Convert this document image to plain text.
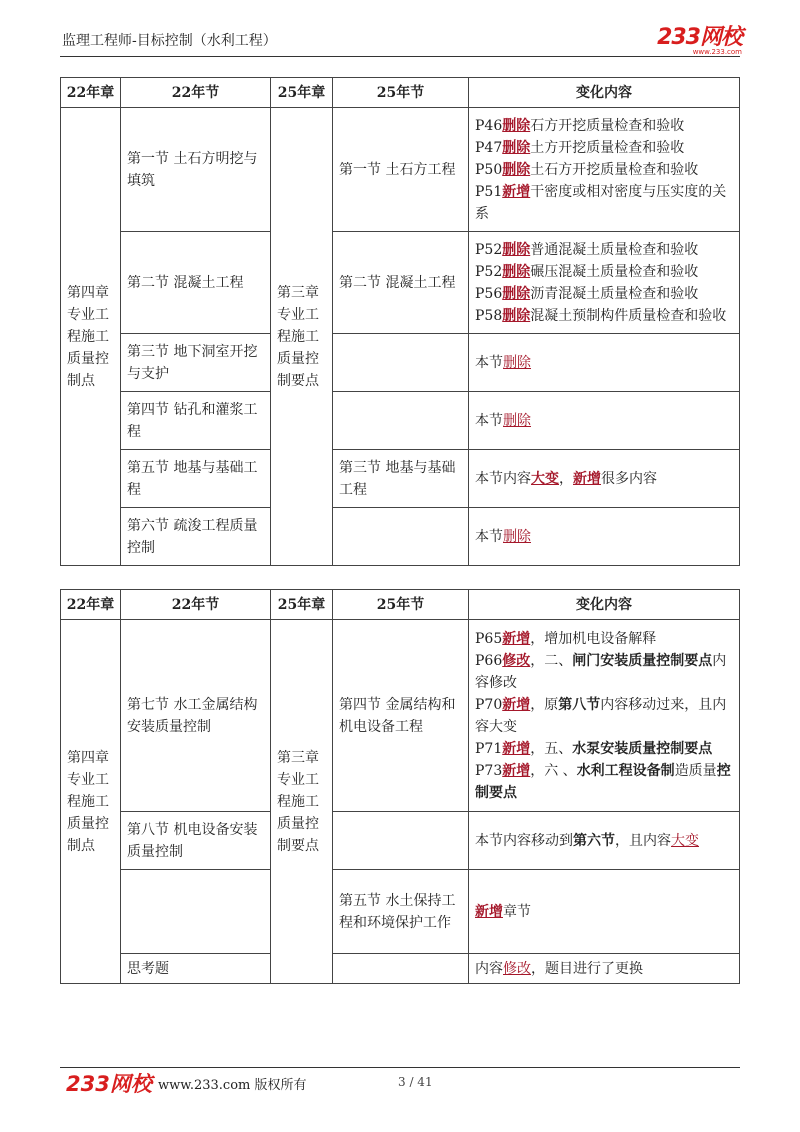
监理工程师-目标控制（水利工程）	233网校
www.233.com
22年章	22年节	25年章	25年节	变化内容
第四章专业工程施工质量控制点	第一节 土石方明挖与填筑	第三章专业工程施工质量控制要点	第一节 土石方工程	P46删除石方开挖质量检查和验收
P47删除土方开挖质量检查和验收
P50删除土石方开挖质量检查和验收
P51新增干密度或相对密度与压实度的关系

	第二节 混凝土工程		第二节 混凝土工程	P52删除普通混凝土质量检查和验收
P52删除碾压混凝土质量检查和验收
P56删除沥青混凝土质量检查和验收
P58删除混凝土预制构件质量检查和验收

	第三节 地下洞室开挖与支护			本节删除
	第四节 钻孔和灌浆工程			本节删除
	第五节 地基与基础工程		第三节 地基与基础工程	本节内容大变，新增很多内容
	第六节 疏浚工程质量控制			本节删除
22年章	22年节	25年章	25年节	变化内容
第四章专业工程施工质量控制点	第七节 水工金属结构安装质量控制	第三章专业工程施工质量控制要点	第四节 金属结构和机电设备工程	P65新增，增加机电设备解释
P66修改，二、闸门安装质量控制要点内容修改
P70新增，原第八节内容移动过来，且内容大变
P71新增，五、水泵安装质量控制要点
P73新增，六 、水利工程设备制造质量控制要点

	第八节 机电设备安装质量控制			本节内容移动到第六节，且内容大变
			第五节 水土保持工程和环境保护工作	新增章节
	思考题			内容修改，题目进行了更换
233网校 www.233.com 版权所有	3 / 41
